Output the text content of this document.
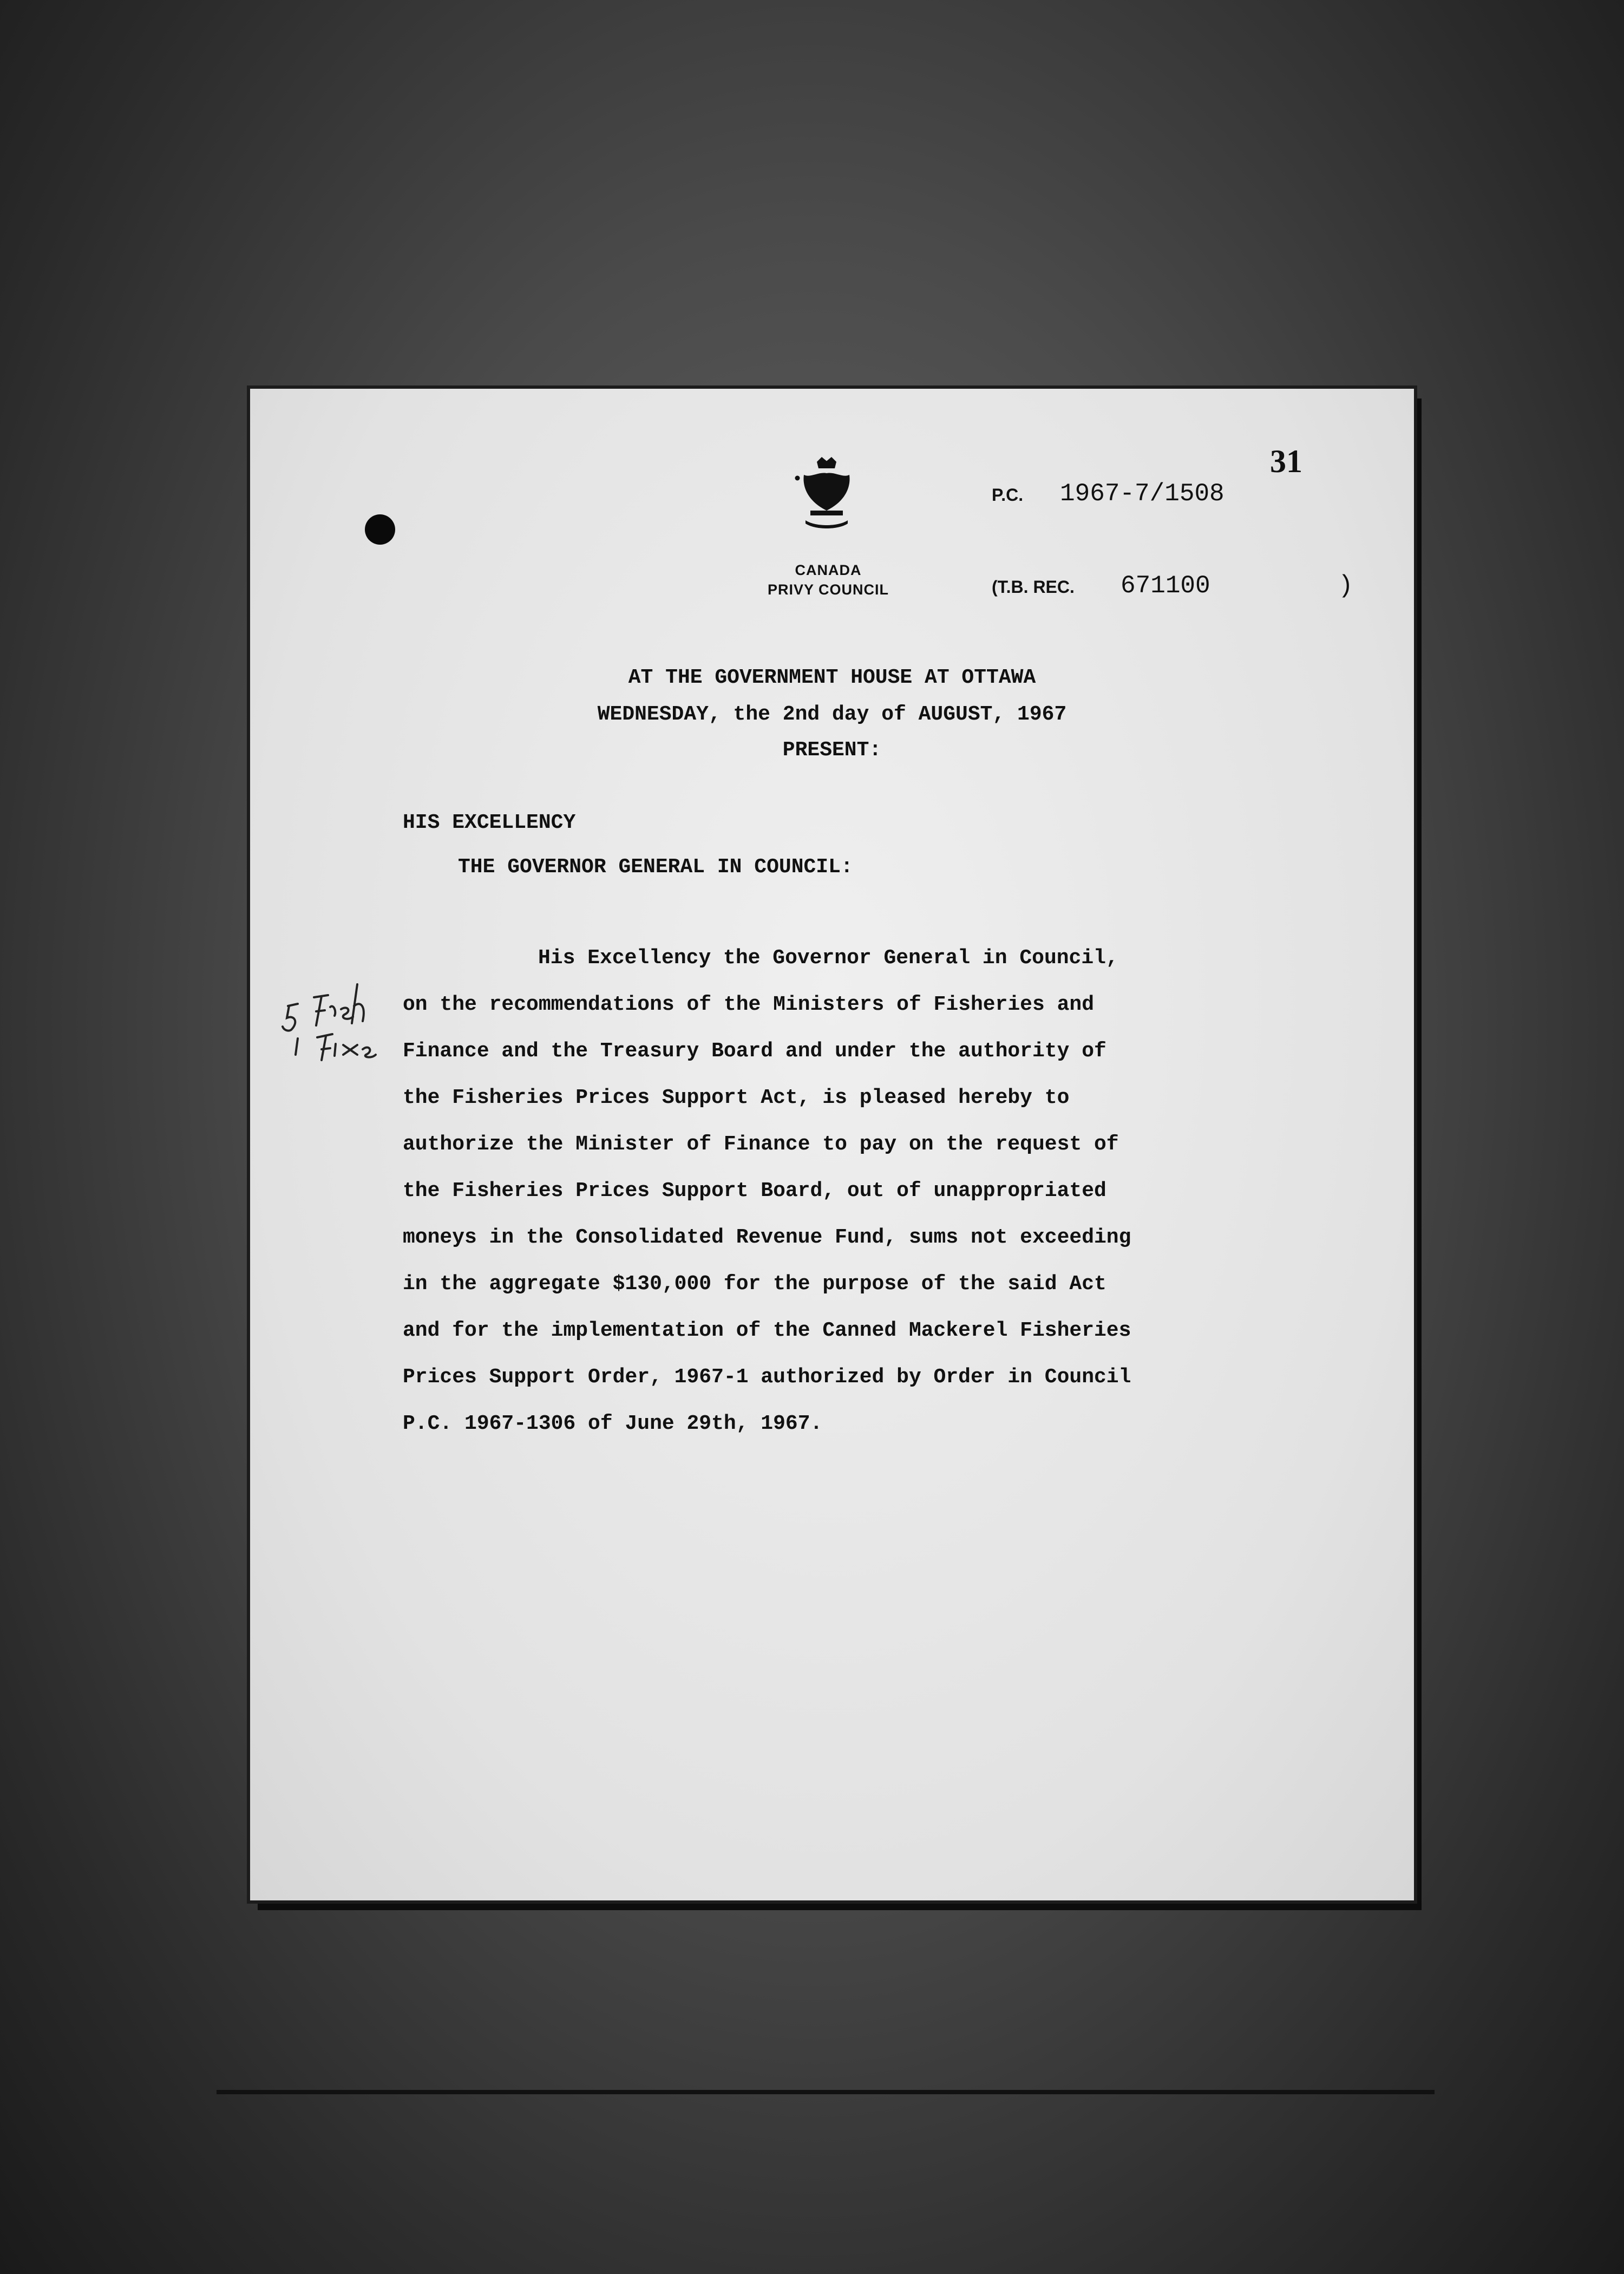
31
CANADA
PRIVY COUNCIL
P.C. 1967-7/1508
(T.B. REC. 671100	)
AT THE GOVERNMENT HOUSE AT OTTAWA
WEDNESDAY, the 2nd day of AUGUST, 1967
PRESENT:
HIS EXCELLENCY
THE GOVERNOR GENERAL IN COUNCIL:
His Excellency the Governor General in Council,
on the recommendations of the Ministers of Fisheries and
Finance and the Treasury Board and under the authority of
the Fisheries Prices Support Act, is pleased hereby to
authorize the Minister of Finance to pay on the request of
the Fisheries Prices Support Board, out of unappropriated
moneys in the Consolidated Revenue Fund, sums not exceeding
in the aggregate $130,000 for the purpose of the said Act
and for the implementation of the Canned Mackerel Fisheries
Prices Support Order, 1967-1 authorized by Order in Council
P.C. 1967-1306 of June 29th, 1967.
